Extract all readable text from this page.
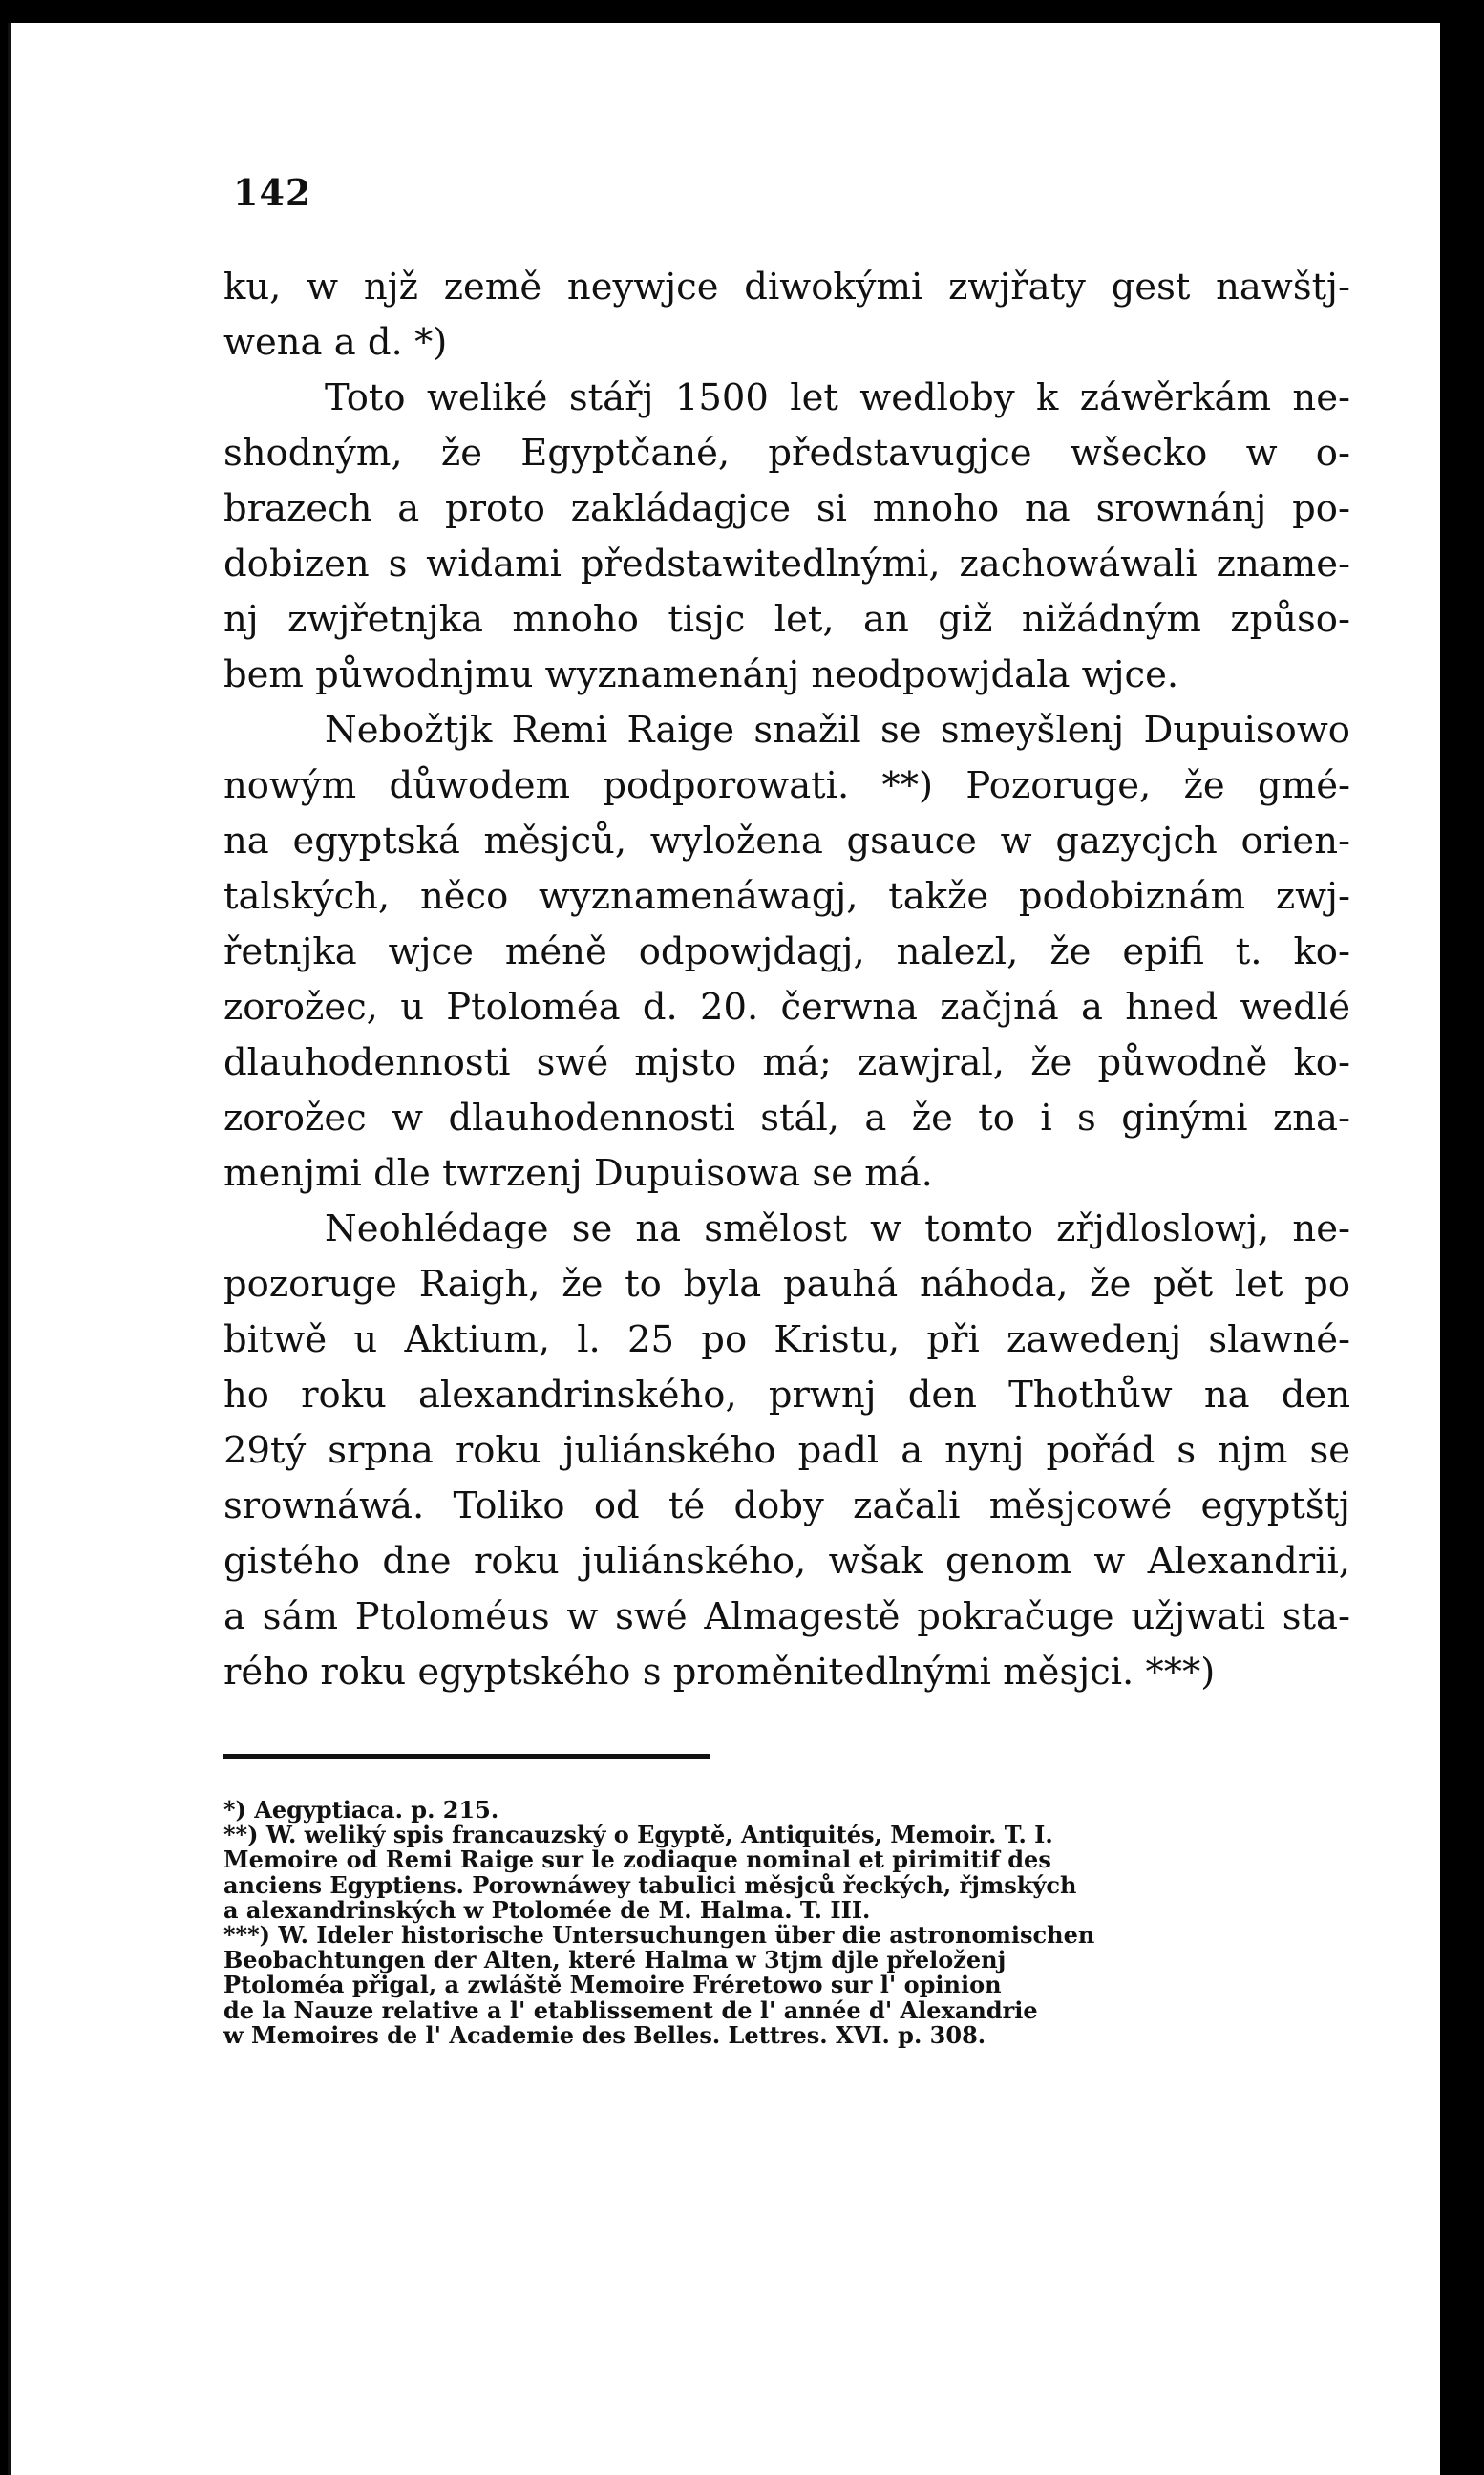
142
ku, w njž země neywjce diwokými zwjřaty gest nawštj-
wena a d. *)
Toto weliké stářj 1500 let wedloby k záwěrkám ne-
shodným, že Egyptčané, představugjce wšecko w o-
brazech a proto zakládagjce si mnoho na srownánj po-
dobizen s widami předstawitedlnými, zachowáwali zname-
nj zwjřetnjka mnoho tisjc let, an giž nižádným způso-
bem půwodnjmu wyznamenánj neodpowjdala wjce.
Nebožtjk Remi Raige snažil se smeyšlenj Dupuisowo
nowým důwodem podporowati. **) Pozoruge, že gmé-
na egyptská měsjců, wyložena gsauce w gazycjch orien-
talských, něco wyznamenáwagj, takže podobiznám zwj-
řetnjka wjce méně odpowjdagj, nalezl, že epifi t. ko-
zorožec, u Ptoloméa d. 20. čerwna začjná a hned wedlé
dlauhodennosti swé mjsto má; zawjral, že půwodně ko-
zorožec w dlauhodennosti stál, a že to i s ginými zna-
menjmi dle twrzenj Dupuisowa se má.
Neohlédage se na smělost w tomto zřjdloslowj, ne-
pozoruge Raigh, že to byla pauhá náhoda, že pět let po
bitwě u Aktium, l. 25 po Kristu, při zawedenj slawné-
ho roku alexandrinského, prwnj den Thothůw na den
29tý srpna roku juliánského padl a nynj pořád s njm se
srownáwá. Toliko od té doby začali měsjcowé egyptštj
gistého dne roku juliánského, wšak genom w Alexandrii,
a sám Ptoloméus w swé Almagestě pokračuge užjwati sta-
rého roku egyptského s proměnitedlnými měsjci. ***)
*) Aegyptiaca. p. 215.
**) W. weliký spis francauzský o Egyptě, Antiquités, Memoir. T. I.
Memoire od Remi Raige sur le zodiaque nominal et pirimitif des
anciens Egyptiens. Porownáwey tabulici měsjců řeckých, řjmských
a alexandrinských w Ptolomée de M. Halma. T. III.
***) W. Ideler historische Untersuchungen über die astronomischen
Beobachtungen der Alten, které Halma w 3tjm djle přeloženj
Ptoloméa přigal, a zwláště Memoire Fréretowo sur l' opinion
de la Nauze relative a l' etablissement de l' année d' Alexandrie
w Memoires de l' Academie des Belles. Lettres. XVI. p. 308.
